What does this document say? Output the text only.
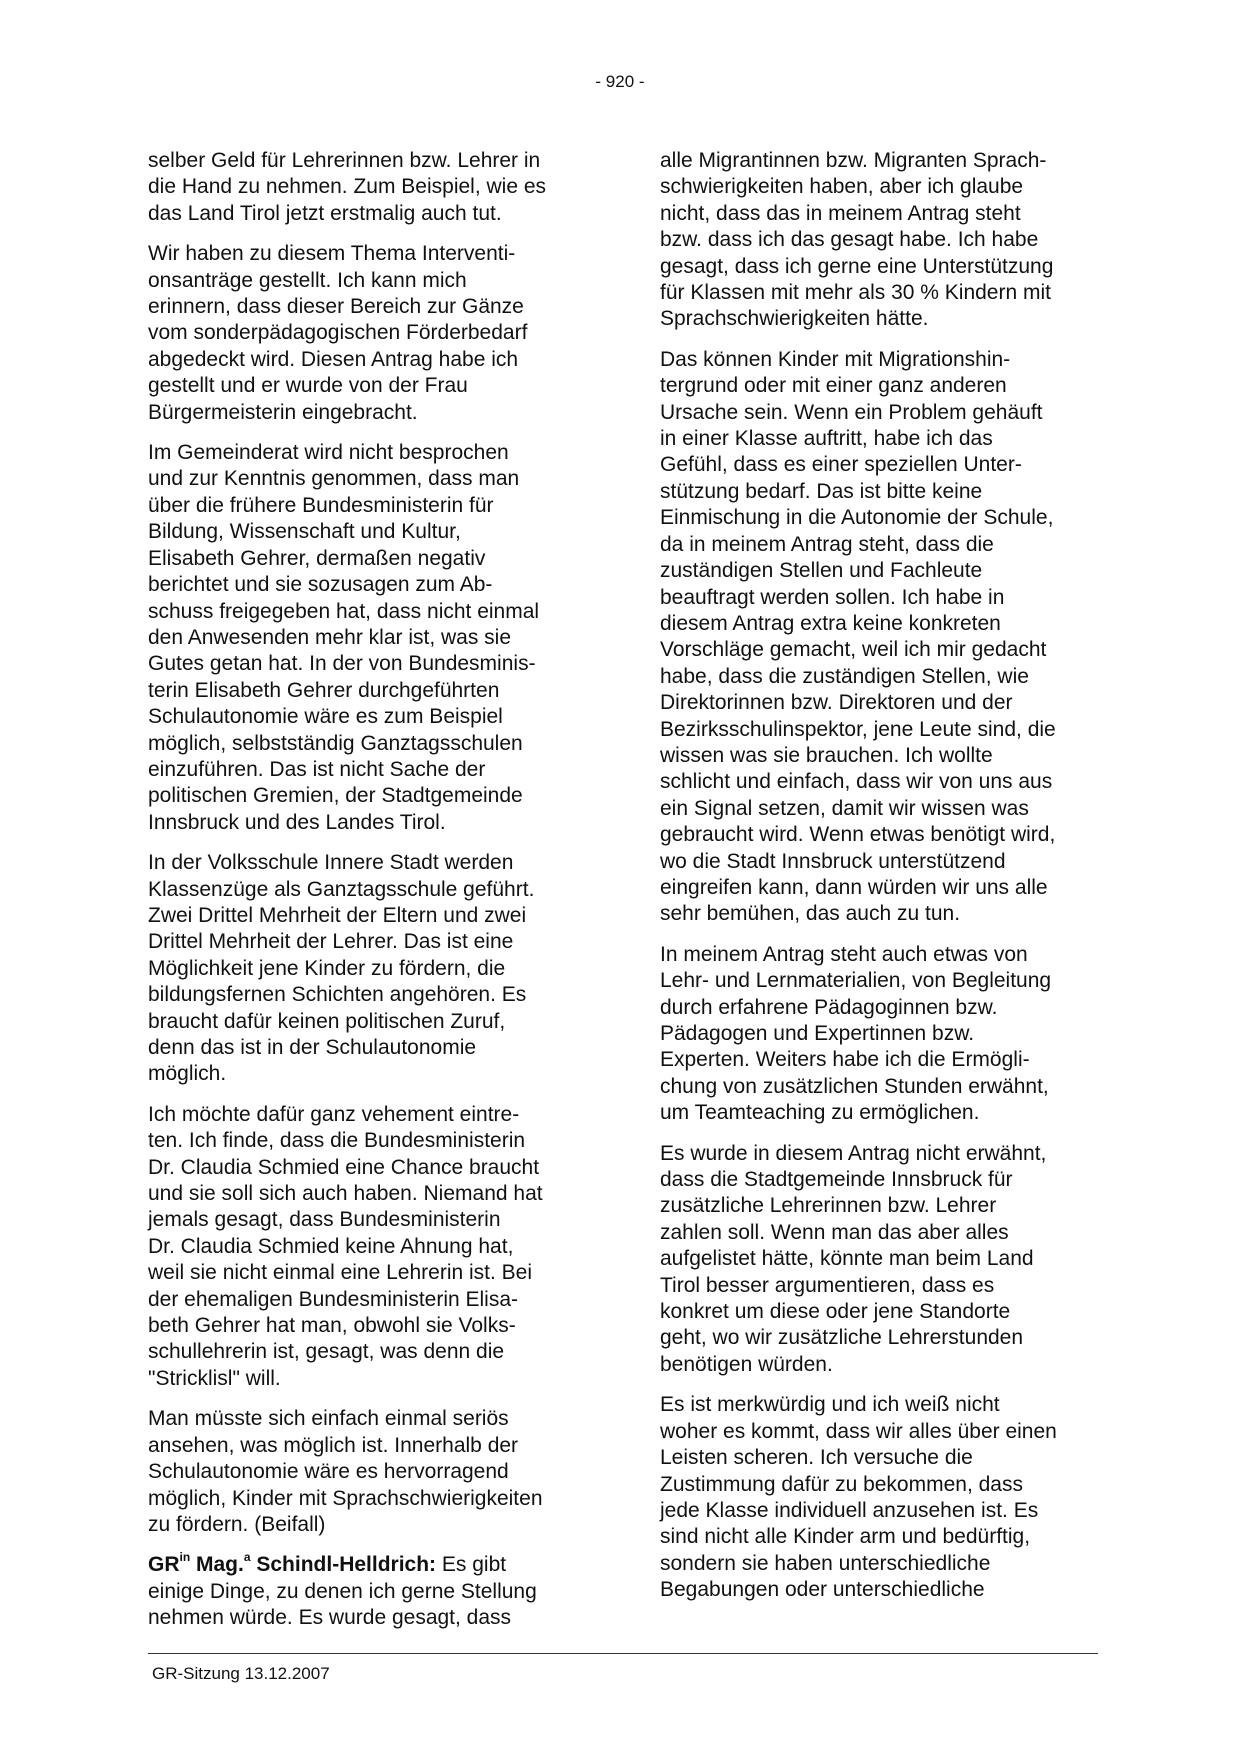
- 920 -

selber Geld für Lehrerinnen bzw. Lehrer in
die Hand zu nehmen. Zum Beispiel, wie es
das Land Tirol jetzt erstmalig auch tut.

Wir haben zu diesem Thema Interventi-
onsanträge gestellt. Ich kann mich
erinnern, dass dieser Bereich zur Gänze
vom sonderpädagogischen Förderbedarf
abgedeckt wird. Diesen Antrag habe ich
gestellt und er wurde von der Frau
Bürgermeisterin eingebracht.

Im Gemeinderat wird nicht besprochen
und zur Kenntnis genommen, dass man
über die frühere Bundesministerin für
Bildung, Wissenschaft und Kultur,
Elisabeth Gehrer, dermaßen negativ
berichtet und sie sozusagen zum Ab-
schuss freigegeben hat, dass nicht einmal
den Anwesenden mehr klar ist, was sie
Gutes getan hat. In der von Bundesminis-
terin Elisabeth Gehrer durchgeführten
Schulautonomie wäre es zum Beispiel
möglich, selbstständig Ganztagsschulen
einzuführen. Das ist nicht Sache der
politischen Gremien, der Stadtgemeinde
Innsbruck und des Landes Tirol.

In der Volksschule Innere Stadt werden
Klassenzüge als Ganztagsschule geführt.
Zwei Drittel Mehrheit der Eltern und zwei
Drittel Mehrheit der Lehrer. Das ist eine
Möglichkeit jene Kinder zu fördern, die
bildungsfernen Schichten angehören. Es
braucht dafür keinen politischen Zuruf,
denn das ist in der Schulautonomie
möglich.

Ich möchte dafür ganz vehement eintre-
ten. Ich finde, dass die Bundesministerin
Dr. Claudia Schmied eine Chance braucht
und sie soll sich auch haben. Niemand hat
jemals gesagt, dass Bundesministerin
Dr. Claudia Schmied keine Ahnung hat,
weil sie nicht einmal eine Lehrerin ist. Bei
der ehemaligen Bundesministerin Elisa-
beth Gehrer hat man, obwohl sie Volks-
schullehrerin ist, gesagt, was denn die
"Stricklisl" will.

Man müsste sich einfach einmal seriös
ansehen, was möglich ist. Innerhalb der
Schulautonomie wäre es hervorragend
möglich, Kinder mit Sprachschwierigkeiten
zu fördern. (Beifall)

$GR^{in}$ Mag.$^a$ Schindl-Helldrich: Es gibt
einige Dinge, zu denen ich gerne Stellung
nehmen würde. Es wurde gesagt, dass

alle Migrantinnen bzw. Migranten Sprach-
schwierigkeiten haben, aber ich glaube
nicht, dass das in meinem Antrag steht
bzw. dass ich das gesagt habe. Ich habe
gesagt, dass ich gerne eine Unterstützung
für Klassen mit mehr als 30 % Kindern mit
Sprachschwierigkeiten hätte.

Das können Kinder mit Migrationshin-
tergrund oder mit einer ganz anderen
Ursache sein. Wenn ein Problem gehäuft
in einer Klasse auftritt, habe ich das
Gefühl, dass es einer speziellen Unter-
stützung bedarf. Das ist bitte keine
Einmischung in die Autonomie der Schule,
da in meinem Antrag steht, dass die
zuständigen Stellen und Fachleute
beauftragt werden sollen. Ich habe in
diesem Antrag extra keine konkreten
Vorschläge gemacht, weil ich mir gedacht
habe, dass die zuständigen Stellen, wie
Direktorinnen bzw. Direktoren und der
Bezirksschulinspektor, jene Leute sind, die
wissen was sie brauchen. Ich wollte
schlicht und einfach, dass wir von uns aus
ein Signal setzen, damit wir wissen was
gebraucht wird. Wenn etwas benötigt wird,
wo die Stadt Innsbruck unterstützend
eingreifen kann, dann würden wir uns alle
sehr bemühen, das auch zu tun.

In meinem Antrag steht auch etwas von
Lehr- und Lernmaterialien, von Begleitung
durch erfahrene Pädagoginnen bzw.
Pädagogen und Expertinnen bzw.
Experten. Weiters habe ich die Ermögli-
chung von zusätzlichen Stunden erwähnt,
um Teamteaching zu ermöglichen.

Es wurde in diesem Antrag nicht erwähnt,
dass die Stadtgemeinde Innsbruck für
zusätzliche Lehrerinnen bzw. Lehrer
zahlen soll. Wenn man das aber alles
aufgelistet hätte, könnte man beim Land
Tirol besser argumentieren, dass es
konkret um diese oder jene Standorte
geht, wo wir zusätzliche Lehrerstunden
benötigen würden.

Es ist merkwürdig und ich weiß nicht
woher es kommt, dass wir alles über einen
Leisten scheren. Ich versuche die
Zustimmung dafür zu bekommen, dass
jede Klasse individuell anzusehen ist. Es
sind nicht alle Kinder arm und bedürftig,
sondern sie haben unterschiedliche
Begabungen oder unterschiedliche

GR-Sitzung 13.12.2007
